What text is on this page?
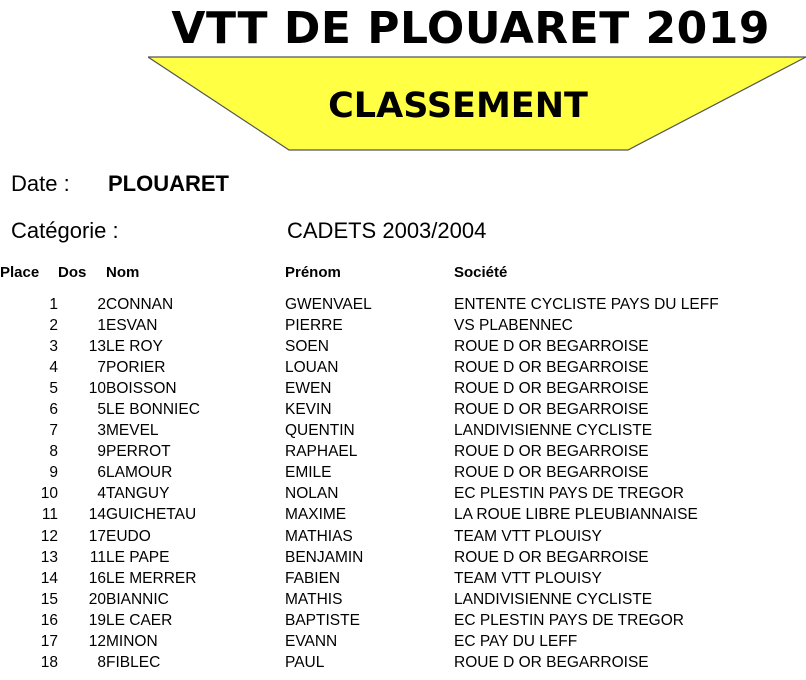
VTT DE PLOUARET 2019
CLASSEMENT
Date : PLOUARET
Catégorie :	CADETS 2003/2004
Place	Dos	Nom	Prénom	Société
1	2	CONNAN	GWENVAEL	ENTENTE CYCLISTE PAYS DU LEFF
2	1	ESVAN	PIERRE	VS PLABENNEC
3	13	LE ROY	SOEN	ROUE D OR BEGARROISE
4	7	PORIER	LOUAN	ROUE D OR BEGARROISE
5	10	BOISSON	EWEN	ROUE D OR BEGARROISE
6	5	LE BONNIEC	KEVIN	ROUE D OR BEGARROISE
7	3	MEVEL	QUENTIN	LANDIVISIENNE CYCLISTE
8	9	PERROT	RAPHAEL	ROUE D OR BEGARROISE
9	6	LAMOUR	EMILE	ROUE D OR BEGARROISE
10	4	TANGUY	NOLAN	EC PLESTIN PAYS DE TREGOR
11	14	GUICHETAU	MAXIME	LA ROUE LIBRE PLEUBIANNAISE
12	17	EUDO	MATHIAS	TEAM VTT PLOUISY
13	11	LE PAPE	BENJAMIN	ROUE D OR BEGARROISE
14	16	LE MERRER	FABIEN	TEAM VTT PLOUISY
15	20	BIANNIC	MATHIS	LANDIVISIENNE CYCLISTE
16	19	LE CAER	BAPTISTE	EC PLESTIN PAYS DE TREGOR
17	12	MINON	EVANN	EC PAY DU LEFF
18	8	FIBLEC	PAUL	ROUE D OR BEGARROISE
